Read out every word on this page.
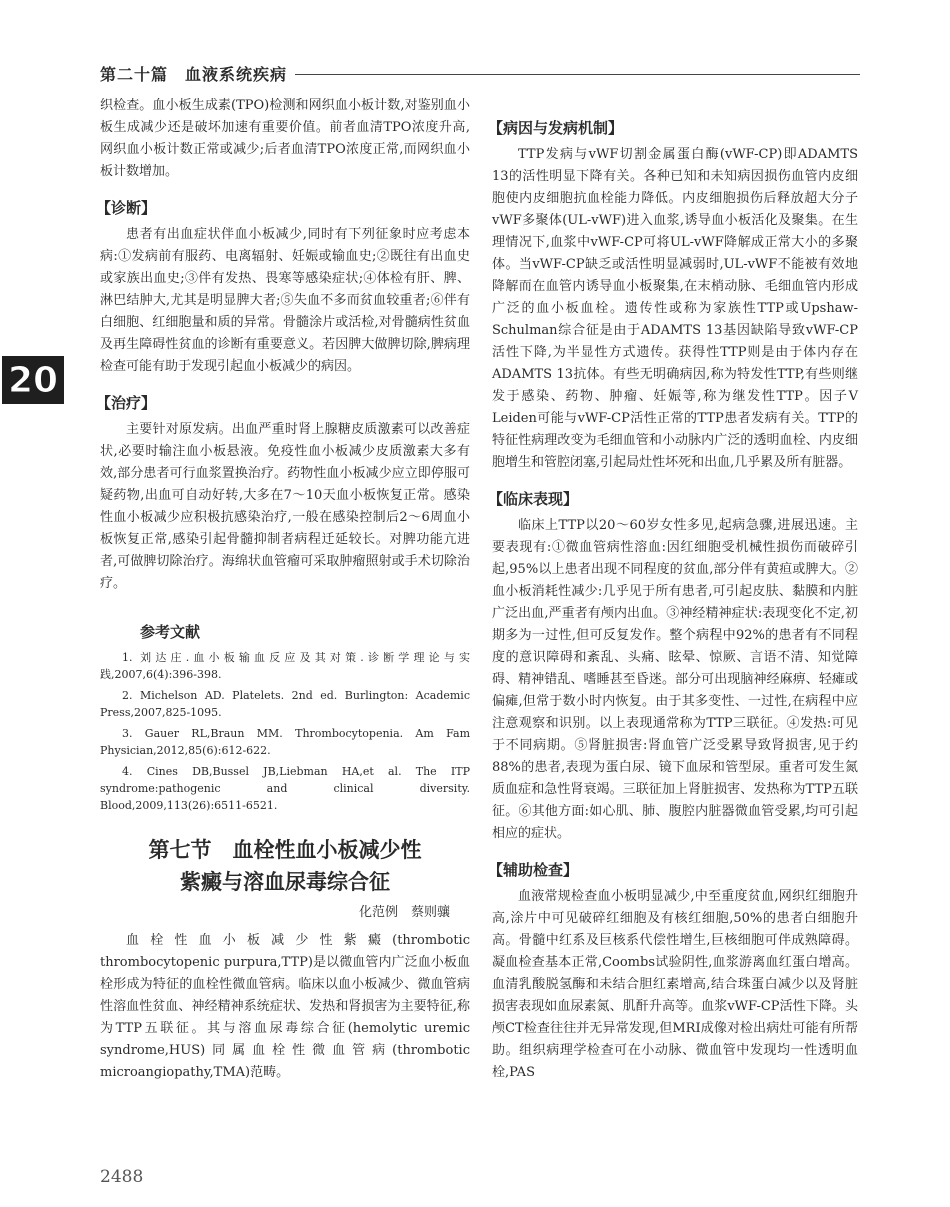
第二十篇　血液系统疾病
20

织检查。血小板生成素(TPO)检测和网织血小板计数,对鉴别血小板生成减少还是破坏加速有重要价值。前者血清TPO浓度升高,网织血小板计数正常或减少;后者血清TPO浓度正常,而网织血小板计数增加。

【诊断】

患者有出血症状伴血小板减少,同时有下列征象时应考虑本病:①发病前有服药、电离辐射、妊娠或输血史;②既往有出血史或家族出血史;③伴有发热、畏寒等感染症状;④体检有肝、脾、淋巴结肿大,尤其是明显脾大者;⑤失血不多而贫血较重者;⑥伴有白细胞、红细胞量和质的异常。骨髓涂片或活检,对骨髓病性贫血及再生障碍性贫血的诊断有重要意义。若因脾大做脾切除,脾病理检查可能有助于发现引起血小板减少的病因。

【治疗】

主要针对原发病。出血严重时肾上腺糖皮质激素可以改善症状,必要时输注血小板悬液。免疫性血小板减少皮质激素大多有效,部分患者可行血浆置换治疗。药物性血小板减少应立即停服可疑药物,出血可自动好转,大多在7～10天血小板恢复正常。感染性血小板减少应积极抗感染治疗,一般在感染控制后2～6周血小板恢复正常,感染引起骨髓抑制者病程迁延较长。对脾功能亢进者,可做脾切除治疗。海绵状血管瘤可采取肿瘤照射或手术切除治疗。

参考文献
1. 刘达庄.血小板输血反应及其对策.诊断学理论与实践,2007,6(4):396-398.
2. Michelson AD. Platelets. 2nd ed. Burlington: Academic Press,2007,825-1095.
3. Gauer RL,Braun MM. Thrombocytopenia. Am Fam Physician,2012,85(6):612-622.
4. Cines DB,Bussel JB,Liebman HA,et al. The ITP syndrome:pathogenic and clinical diversity. Blood,2009,113(26):6511-6521.
第七节　血栓性血小板减少性
紫癜与溶血尿毒综合征
化范例　蔡则骧

血栓性血小板减少性紫癜(thrombotic thrombocytopenic purpura,TTP)是以微血管内广泛血小板血栓形成为特征的血栓性微血管病。临床以血小板减少、微血管病性溶血性贫血、神经精神系统症状、发热和肾损害为主要特征,称为TTP五联征。其与溶血尿毒综合征(hemolytic uremic syndrome,HUS)同属血栓性微血管病(thrombotic microangiopathy,TMA)范畴。

【病因与发病机制】

TTP发病与vWF切割金属蛋白酶(vWF-CP)即ADAMTS 13的活性明显下降有关。各种已知和未知病因损伤血管内皮细胞使内皮细胞抗血栓能力降低。内皮细胞损伤后释放超大分子vWF多聚体(UL-vWF)进入血浆,诱导血小板活化及聚集。在生理情况下,血浆中vWF-CP可将UL-vWF降解成正常大小的多聚体。当vWF-CP缺乏或活性明显减弱时,UL-vWF不能被有效地降解而在血管内诱导血小板聚集,在末梢动脉、毛细血管内形成广泛的血小板血栓。遗传性或称为家族性TTP或Upshaw-Schulman综合征是由于ADAMTS 13基因缺陷导致vWF-CP活性下降,为半显性方式遗传。获得性TTP则是由于体内存在ADAMTS 13抗体。有些无明确病因,称为特发性TTP,有些则继发于感染、药物、肿瘤、妊娠等,称为继发性TTP。因子Ⅴ Leiden可能与vWF-CP活性正常的TTP患者发病有关。TTP的特征性病理改变为毛细血管和小动脉内广泛的透明血栓、内皮细胞增生和管腔闭塞,引起局灶性坏死和出血,几乎累及所有脏器。

【临床表现】

临床上TTP以20～60岁女性多见,起病急骤,进展迅速。主要表现有:①微血管病性溶血:因红细胞受机械性损伤而破碎引起,95%以上患者出现不同程度的贫血,部分伴有黄疸或脾大。②血小板消耗性减少:几乎见于所有患者,可引起皮肤、黏膜和内脏广泛出血,严重者有颅内出血。③神经精神症状:表现变化不定,初期多为一过性,但可反复发作。整个病程中92%的患者有不同程度的意识障碍和紊乱、头痛、眩晕、惊厥、言语不清、知觉障碍、精神错乱、嗜睡甚至昏迷。部分可出现脑神经麻痹、轻瘫或偏瘫,但常于数小时内恢复。由于其多变性、一过性,在病程中应注意观察和识别。以上表现通常称为TTP三联征。④发热:可见于不同病期。⑤肾脏损害:肾血管广泛受累导致肾损害,见于约88%的患者,表现为蛋白尿、镜下血尿和管型尿。重者可发生氮质血症和急性肾衰竭。三联征加上肾脏损害、发热称为TTP五联征。⑥其他方面:如心肌、肺、腹腔内脏器微血管受累,均可引起相应的症状。

【辅助检查】

血液常规检查血小板明显减少,中至重度贫血,网织红细胞升高,涂片中可见破碎红细胞及有核红细胞,50%的患者白细胞升高。骨髓中红系及巨核系代偿性增生,巨核细胞可伴成熟障碍。凝血检查基本正常,Coombs试验阴性,血浆游离血红蛋白增高。血清乳酸脱氢酶和未结合胆红素增高,结合珠蛋白减少以及肾脏损害表现如血尿素氮、肌酐升高等。血浆vWF-CP活性下降。头颅CT检查往往并无异常发现,但MRI成像对检出病灶可能有所帮助。组织病理学检查可在小动脉、微血管中发现均一性透明血栓,PAS

2488
